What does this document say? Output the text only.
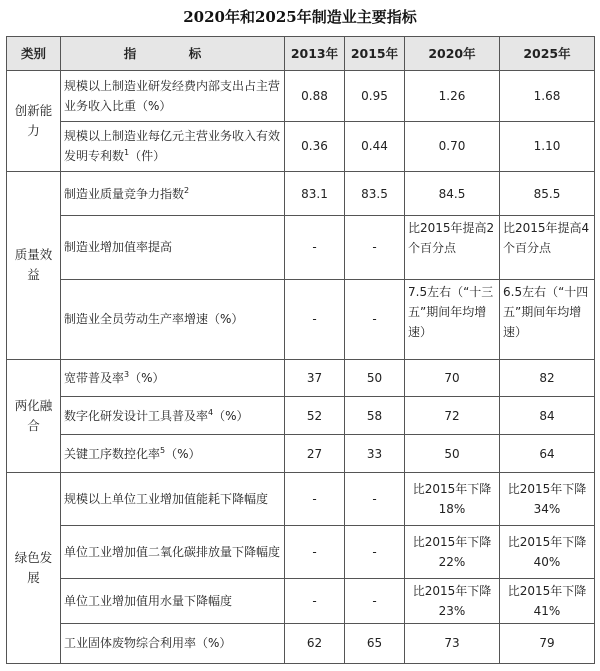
2020年和2025年制造业主要指标
类别	指　标	2013年	2015年	2020年	2025年
创新能力	规模以上制造业研发经费内部支出占主营业务收入比重（%）	0.88	0.95	1.26	1.68
	规模以上制造业每亿元主营业务收入有效发明专利数$^1$（件）	0.36	0.44	0.70	1.10
质量效益	制造业质量竞争力指数$^2$	83.1	83.5	84.5	85.5
	制造业增加值率提高	-	-	比2015年提高2个百分点	比2015年提高4个百分点
	制造业全员劳动生产率增速（%）	-	-	7.5左右（“十三五”期间年均增速）	6.5左右（“十四五”期间年均增速）
两化融合	宽带普及率$^3$（%）	37	50	70	82
	数字化研发设计工具普及率$^4$（%）	52	58	72	84
	关键工序数控化率$^5$（%）	27	33	50	64
绿色发展	规模以上单位工业增加值能耗下降幅度	-	-	比2015年下降18%	比2015年下降34%
	单位工业增加值二氧化碳排放量下降幅度	-	-	比2015年下降22%	比2015年下降40%
	单位工业增加值用水量下降幅度	-	-	比2015年下降23%	比2015年下降41%
	工业固体废物综合利用率（%）	62	65	73	79
